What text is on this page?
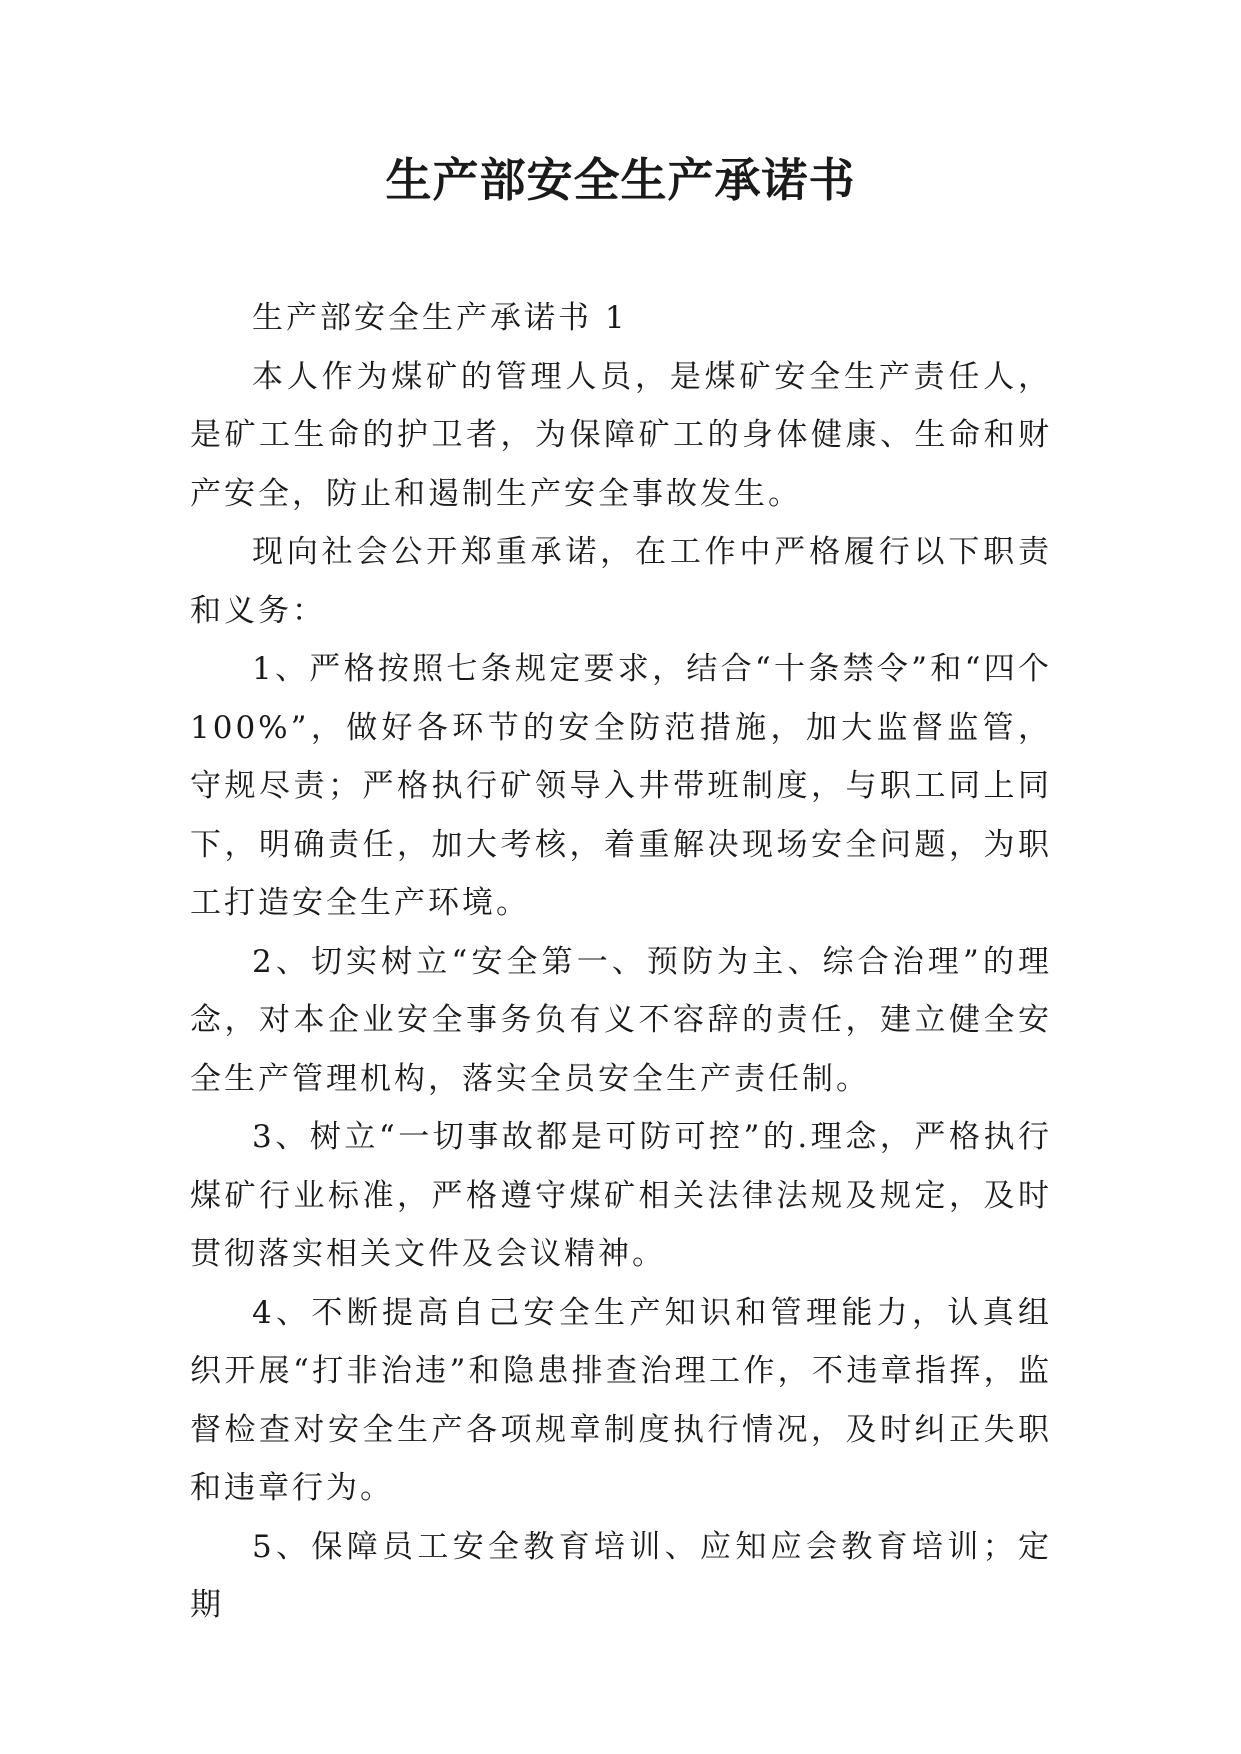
生产部安全生产承诺书

生产部安全生产承诺书 1

本人作为煤矿的管理人员，是煤矿安全生产责任人，是矿工生命的护卫者，为保障矿工的身体健康、生命和财产安全，防止和遏制生产安全事故发生。

现向社会公开郑重承诺，在工作中严格履行以下职责和义务：

1、严格按照七条规定要求，结合“十条禁令”和“四个 100%”，做好各环节的安全防范措施，加大监督监管，守规尽责；严格执行矿领导入井带班制度，与职工同上同下，明确责任，加大考核，着重解决现场安全问题，为职工打造安全生产环境。

2、切实树立“安全第一、预防为主、综合治理”的理念，对本企业安全事务负有义不容辞的责任，建立健全安全生产管理机构，落实全员安全生产责任制。

3、树立“一切事故都是可防可控”的.理念，严格执行煤矿行业标准，严格遵守煤矿相关法律法规及规定，及时贯彻落实相关文件及会议精神。

4、不断提高自己安全生产知识和管理能力，认真组织开展“打非治违”和隐患排查治理工作，不违章指挥，监督检查对安全生产各项规章制度执行情况，及时纠正失职和违章行为。

5、保障员工安全教育培训、应知应会教育培训；定期
